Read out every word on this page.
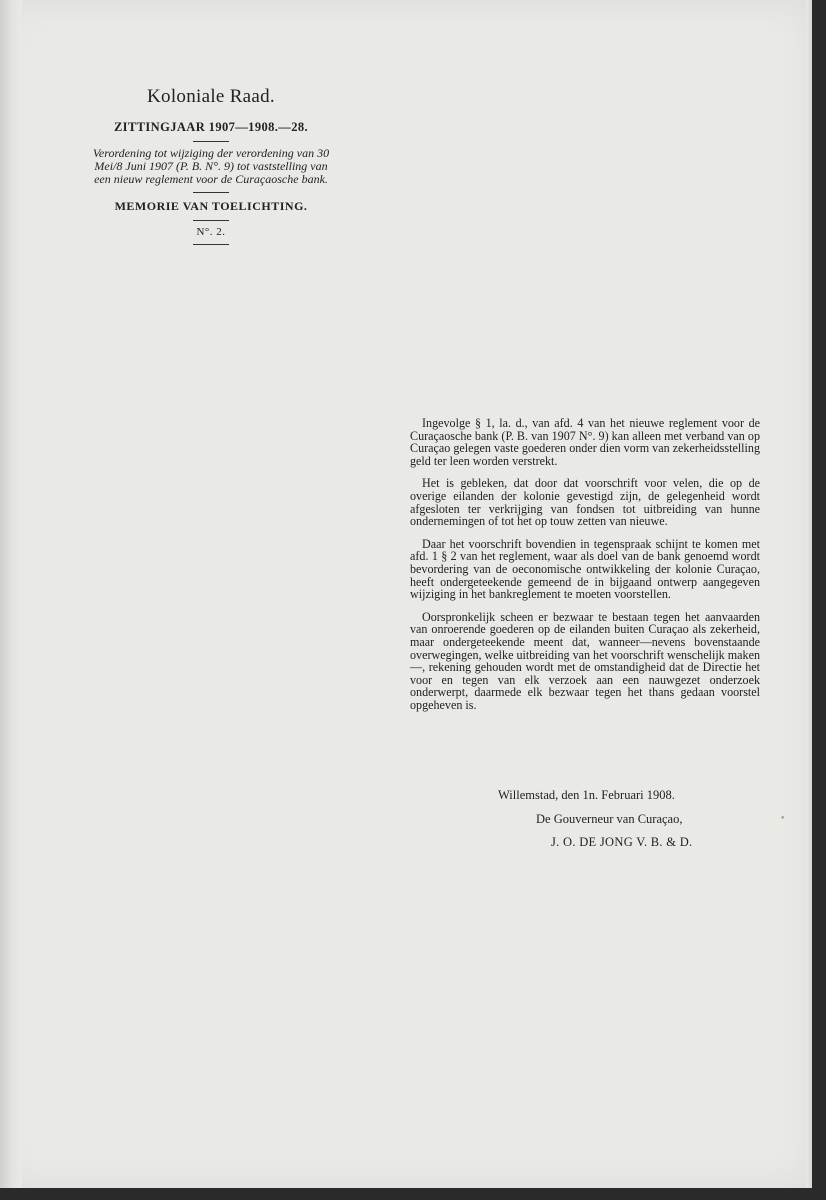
Koloniale Raad.

ZITTINGJAAR 1907—1908.—28.

Verordening tot wijziging der verordening van 30 Mei/8 Juni 1907 (P. B. N°. 9) tot vaststelling van een nieuw reglement voor de Curaçaosche bank.

MEMORIE VAN TOELICHTING.

N°. 2.

Ingevolge § 1, la. d., van afd. 4 van het nieuwe reglement voor de Curaçaosche bank (P. B. van 1907 N°. 9) kan alleen met verband van op Curaçao gelegen vaste goederen onder dien vorm van zekerheidsstelling geld ter leen worden verstrekt.

Het is gebleken, dat door dat voorschrift voor velen, die op de overige eilanden der kolonie gevestigd zijn, de gelegenheid wordt afgesloten ter verkrijging van fondsen tot uitbreiding van hunne ondernemingen of tot het op touw zetten van nieuwe.

Daar het voorschrift bovendien in tegenspraak schijnt te komen met afd. 1 § 2 van het reglement, waar als doel van de bank genoemd wordt bevordering van de oeconomische ontwikkeling der kolonie Curaçao, heeft ondergeteekende gemeend de in bijgaand ontwerp aangegeven wijziging in het bankreglement te moeten voorstellen.

Oorspronkelijk scheen er bezwaar te bestaan tegen het aanvaarden van onroerende goederen op de eilanden buiten Curaçao als zekerheid, maar ondergeteekende meent dat, wanneer—nevens bovenstaande overwegingen, welke uitbreiding van het voorschrift wenschelijk maken—, rekening gehouden wordt met de omstandigheid dat de Directie het voor en tegen van elk verzoek aan een nauwgezet onderzoek onderwerpt, daarmede elk bezwaar tegen het thans gedaan voorstel opgeheven is.

Willemstad, den 1n. Februari 1908.
De Gouverneur van Curaçao,
J. O. DE JONG V. B. & D.
•
